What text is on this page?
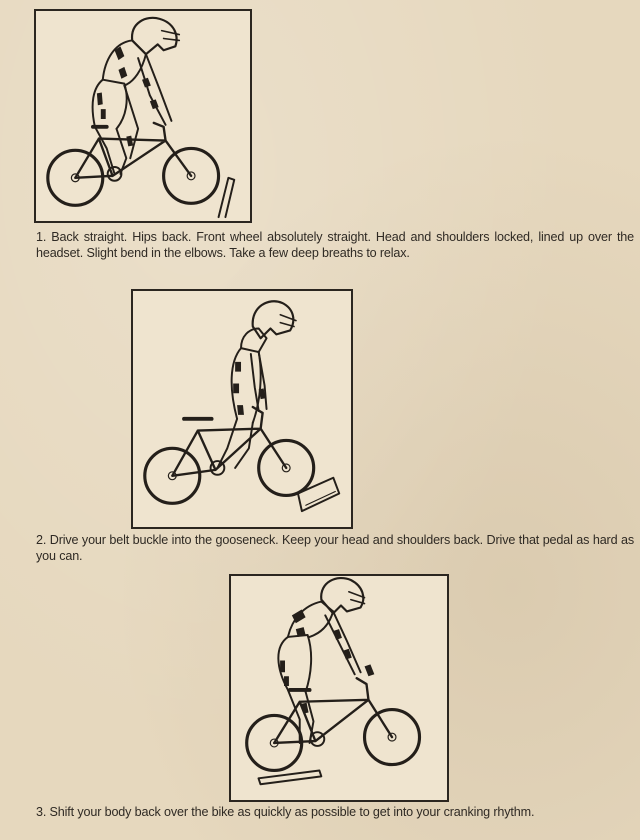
1. Back straight. Hips back. Front wheel absolutely straight. Head and shoulders locked, lined up over the headset. Slight bend in the elbows. Take a few deep breaths to relax.
2. Drive your belt buckle into the gooseneck. Keep your head and shoulders back. Drive that pedal as hard as you can.
3. Shift your body back over the bike as quickly as possible to get into your cranking rhythm.
